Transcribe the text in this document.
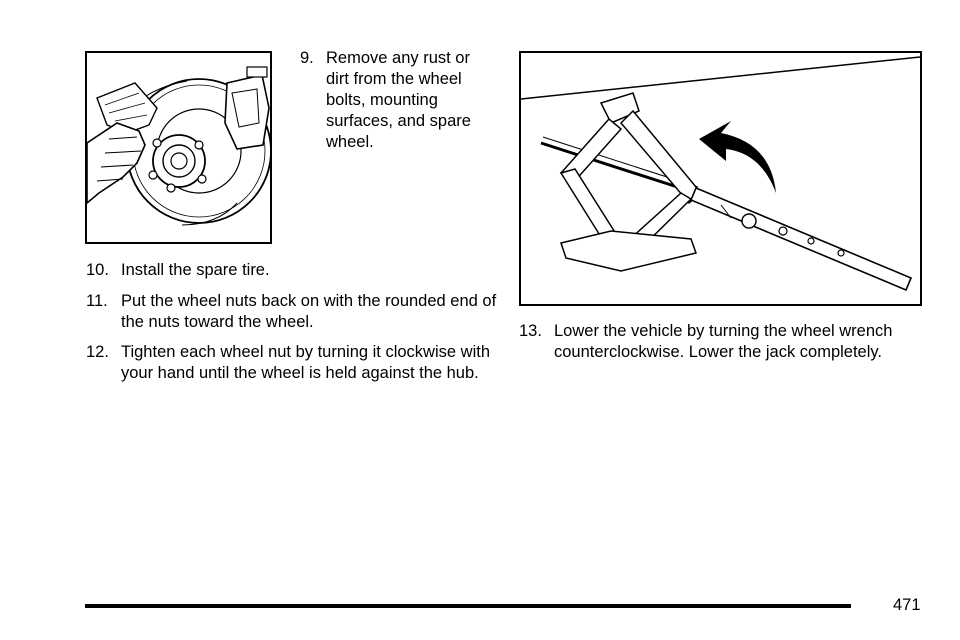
9. Remove any rust or dirt from the wheel bolts, mounting surfaces, and spare wheel.
10. Install the spare tire.
11. Put the wheel nuts back on with the rounded end of the nuts toward the wheel.
12. Tighten each wheel nut by turning it clockwise with your hand until the wheel is held against the hub.
13. Lower the vehicle by turning the wheel wrench counterclockwise. Lower the jack completely.
471
